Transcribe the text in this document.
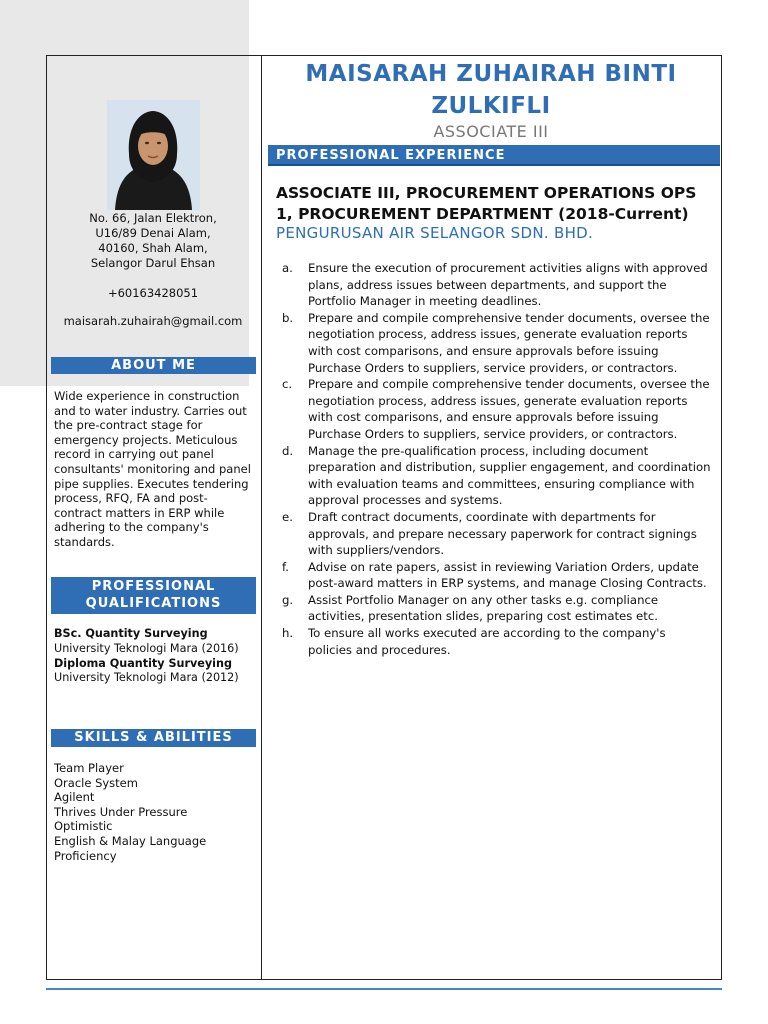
No. 66, Jalan Elektron,
U16/89 Denai Alam,
40160, Shah Alam,
Selangor Darul Ehsan
+60163428051
maisarah.zuhairah@gmail.com
ABOUT ME
Wide experience in construction and to water industry. Carries out the pre-contract stage for emergency projects. Meticulous record in carrying out panel consultants' monitoring and panel pipe supplies. Executes tendering process, RFQ, FA and post-contract matters in ERP while adhering to the company's standards.
PROFESSIONAL
QUALIFICATIONS
BSc. Quantity Surveying
University Teknologi Mara (2016)
Diploma Quantity Surveying
University Teknologi Mara (2012)
SKILLS & ABILITIES
Team Player
Oracle System
Agilent
Thrives Under Pressure
Optimistic
English & Malay Language
Proficiency
MAISARAH ZUHAIRAH BINTI ZULKIFLI
ASSOCIATE III
PROFESSIONAL EXPERIENCE
ASSOCIATE III, PROCUREMENT OPERATIONS OPS 1, PROCUREMENT DEPARTMENT (2018-Current)
PENGURUSAN AIR SELANGOR SDN. BHD.
a.	Ensure the execution of procurement activities aligns with approved plans, address issues between departments, and support the Portfolio Manager in meeting deadlines.
b.	Prepare and compile comprehensive tender documents, oversee the negotiation process, address issues, generate evaluation reports with cost comparisons, and ensure approvals before issuing Purchase Orders to suppliers, service providers, or contractors.
c.	Prepare and compile comprehensive tender documents, oversee the negotiation process, address issues, generate evaluation reports with cost comparisons, and ensure approvals before issuing Purchase Orders to suppliers, service providers, or contractors.
d.	Manage the pre-qualification process, including document preparation and distribution, supplier engagement, and coordination with evaluation teams and committees, ensuring compliance with approval processes and systems.
e.	Draft contract documents, coordinate with departments for approvals, and prepare necessary paperwork for contract signings with suppliers/vendors.
f.	Advise on rate papers, assist in reviewing Variation Orders, update post-award matters in ERP systems, and manage Closing Contracts.
g.	Assist Portfolio Manager on any other tasks e.g. compliance activities, presentation slides, preparing cost estimates etc.
h.	To ensure all works executed are according to the company's policies and procedures.
